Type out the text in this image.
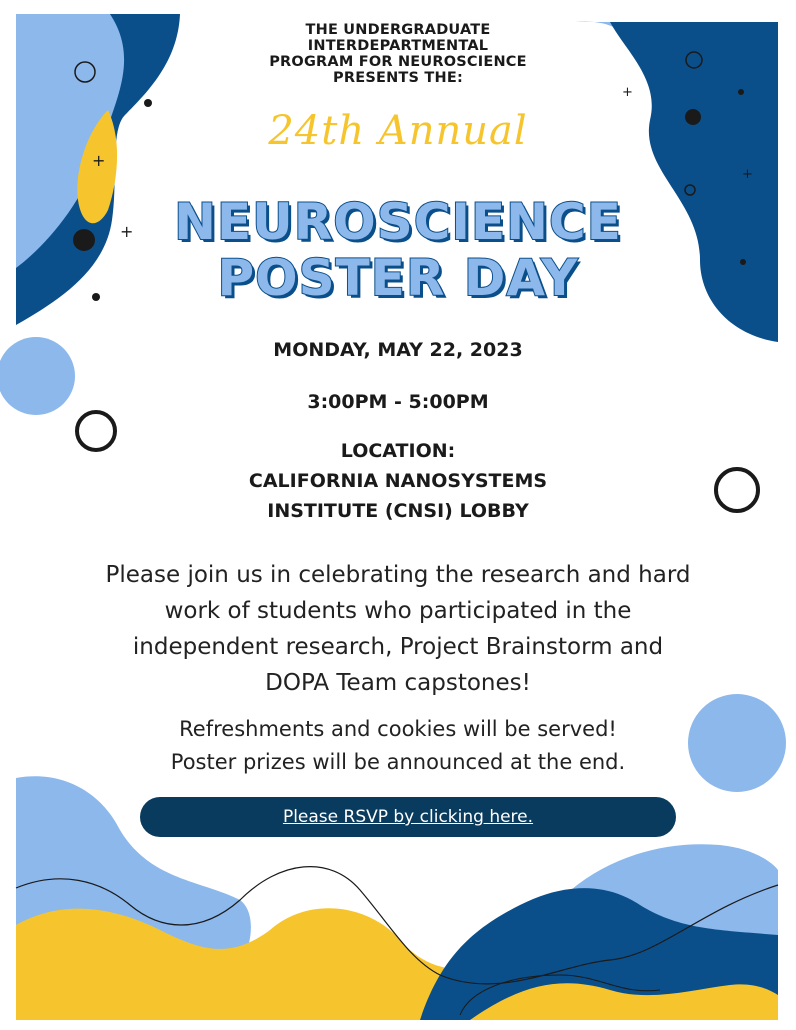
+
+
+
+
THE UNDERGRADUATE
INTERDEPARTMENTAL
PROGRAM FOR NEUROSCIENCE
PRESENTS THE:
24th Annual
NEUROSCIENCE
POSTER DAY
MONDAY, MAY 22, 2023
3:00PM - 5:00PM
LOCATION:
CALIFORNIA NANOSYSTEMS
INSTITUTE (CNSI) LOBBY
Please join us in celebrating the research and hard
work of students who participated in the
independent research, Project Brainstorm and
DOPA Team capstones!
Refreshments and cookies will be served!
Poster prizes will be announced at the end.
Please RSVP by clicking here.
